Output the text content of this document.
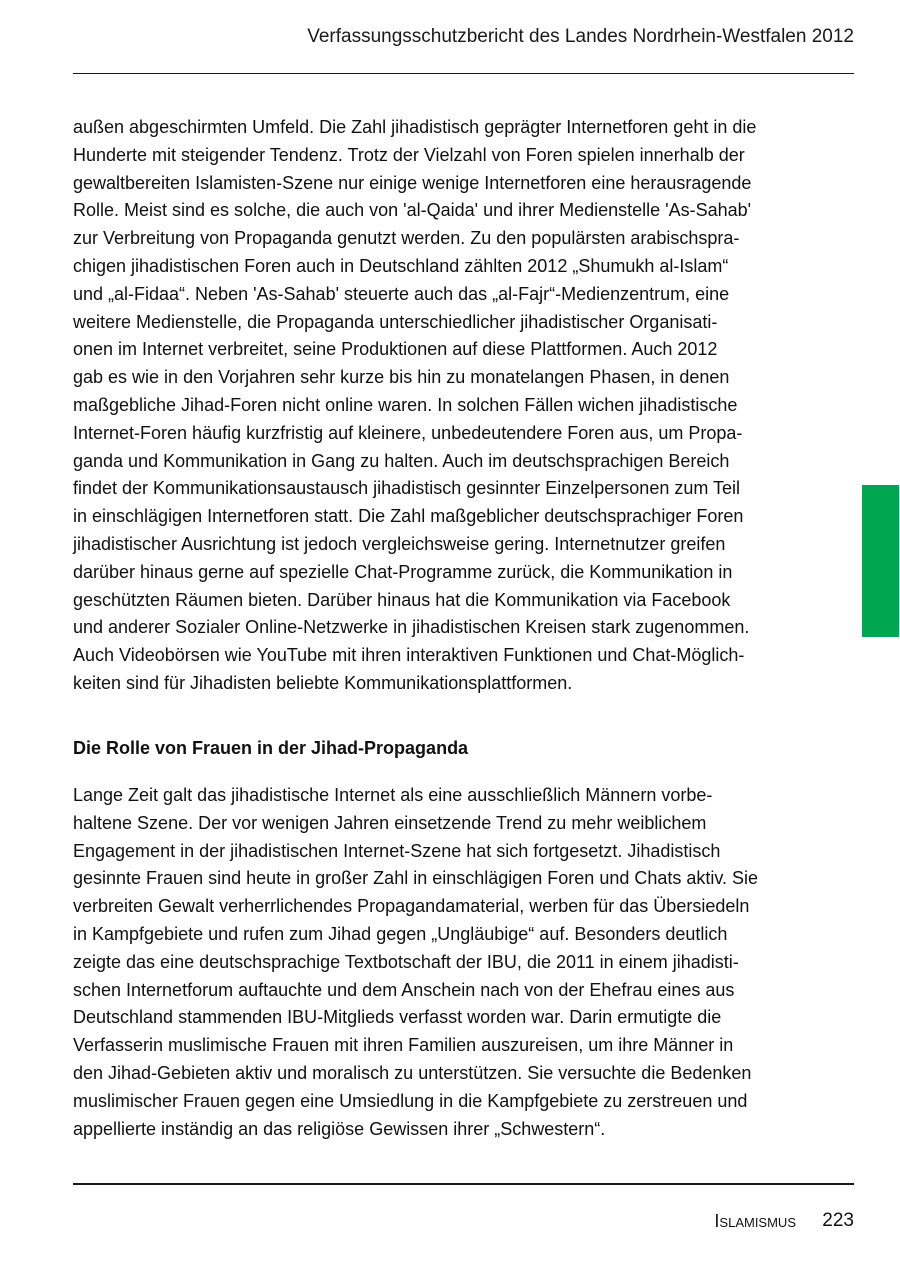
Verfassungsschutzbericht des Landes Nordrhein-Westfalen 2012
außen abgeschirmten Umfeld. Die Zahl jihadistisch geprägter Internetforen geht in die
Hunderte mit steigender Tendenz. Trotz der Vielzahl von Foren spielen innerhalb der
gewaltbereiten Islamisten-Szene nur einige wenige Internetforen eine herausragende
Rolle. Meist sind es solche, die auch von 'al-Qaida' und ihrer Medienstelle 'As-Sahab'
zur Verbreitung von Propaganda genutzt werden. Zu den populärsten arabischspra-
chigen jihadistischen Foren auch in Deutschland zählten 2012 „Shumukh al-Islam“
und „al-Fidaa“. Neben 'As-Sahab' steuerte auch das „al-Fajr“-Medienzentrum, eine
weitere Medienstelle, die Propaganda unterschiedlicher jihadistischer Organisati-
onen im Internet verbreitet, seine Produktionen auf diese Plattformen. Auch 2012
gab es wie in den Vorjahren sehr kurze bis hin zu monatelangen Phasen, in denen
maßgebliche Jihad-Foren nicht online waren. In solchen Fällen wichen jihadistische
Internet-Foren häufig kurzfristig auf kleinere, unbedeutendere Foren aus, um Propa-
ganda und Kommunikation in Gang zu halten. Auch im deutschsprachigen Bereich
findet der Kommunikationsaustausch jihadistisch gesinnter Einzelpersonen zum Teil
in einschlägigen Internetforen statt. Die Zahl maßgeblicher deutschsprachiger Foren
jihadistischer Ausrichtung ist jedoch vergleichsweise gering. Internetnutzer greifen
darüber hinaus gerne auf spezielle Chat-Programme zurück, die Kommunikation in
geschützten Räumen bieten. Darüber hinaus hat die Kommunikation via Facebook
und anderer Sozialer Online-Netzwerke in jihadistischen Kreisen stark zugenommen.
Auch Videobörsen wie YouTube mit ihren interaktiven Funktionen und Chat-Möglich-
keiten sind für Jihadisten beliebte Kommunikationsplattformen.
Die Rolle von Frauen in der Jihad-Propaganda
Lange Zeit galt das jihadistische Internet als eine ausschließlich Männern vorbe-
haltene Szene. Der vor wenigen Jahren einsetzende Trend zu mehr weiblichem
Engagement in der jihadistischen Internet-Szene hat sich fortgesetzt. Jihadistisch
gesinnte Frauen sind heute in großer Zahl in einschlägigen Foren und Chats aktiv. Sie
verbreiten Gewalt verherrlichendes Propagandamaterial, werben für das Übersiedeln
in Kampfgebiete und rufen zum Jihad gegen „Ungläubige“ auf. Besonders deutlich
zeigte das eine deutschsprachige Textbotschaft der IBU, die 2011 in einem jihadisti-
schen Internetforum auftauchte und dem Anschein nach von der Ehefrau eines aus
Deutschland stammenden IBU-Mitglieds verfasst worden war. Darin ermutigte die
Verfasserin muslimische Frauen mit ihren Familien auszureisen, um ihre Männer in
den Jihad-Gebieten aktiv und moralisch zu unterstützen. Sie versuchte die Bedenken
muslimischer Frauen gegen eine Umsiedlung in die Kampfgebiete zu zerstreuen und
appellierte inständig an das religiöse Gewissen ihrer „Schwestern“.
Islamismus 223
